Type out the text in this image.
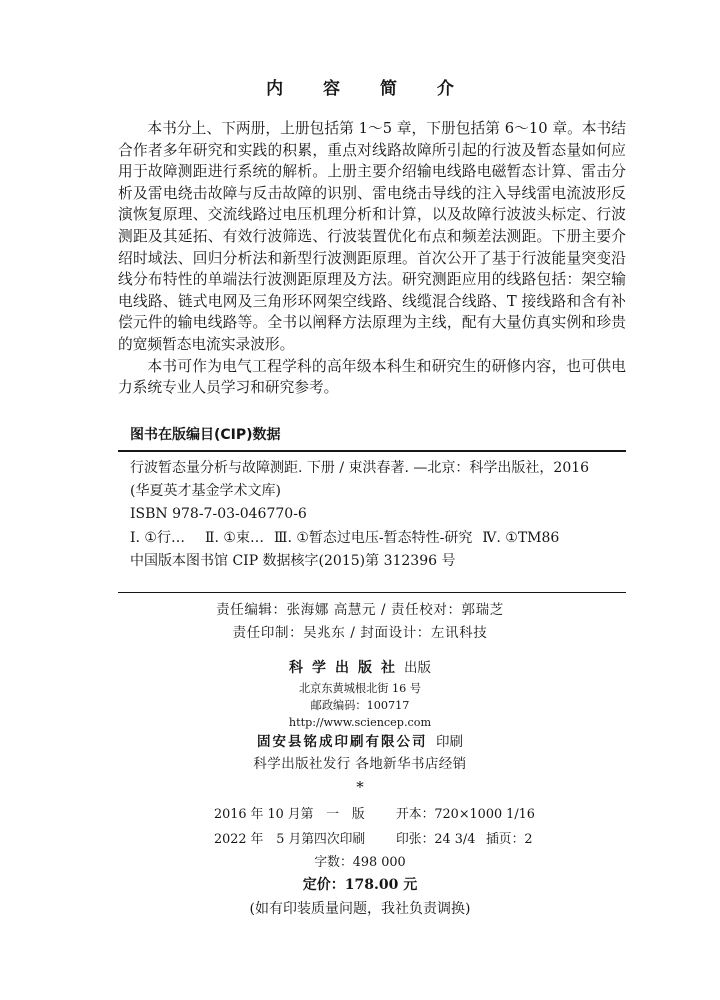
内 容 简 介

本书分上、下两册，上册包括第 1～5 章，下册包括第 6～10 章。本书结合作者多年研究和实践的积累，重点对线路故障所引起的行波及暂态量如何应用于故障测距进行系统的解析。上册主要介绍输电线路电磁暂态计算、雷击分析及雷电绕击故障与反击故障的识别、雷电绕击导线的注入导线雷电流波形反演恢复原理、交流线路过电压机理分析和计算，以及故障行波波头标定、行波测距及其延拓、有效行波筛选、行波装置优化布点和频差法测距。下册主要介绍时域法、回归分析法和新型行波测距原理。首次公开了基于行波能量突变沿线分布特性的单端法行波测距原理及方法。研究测距应用的线路包括：架空输电线路、链式电网及三角形环网架空线路、线缆混合线路、T 接线路和含有补偿元件的输电线路等。全书以阐释方法原理为主线，配有大量仿真实例和珍贵的宽频暂态电流实录波形。

本书可作为电气工程学科的高年级本科生和研究生的研修内容，也可供电力系统专业人员学习和研究参考。

图书在版编目(CIP)数据
行波暂态量分析与故障测距. 下册 / 束洪春著. —北京：科学出版社，2016
(华夏英才基金学术文库)
ISBN 978-7-03-046770-6
Ⅰ. ①行… Ⅱ. ①束… Ⅲ. ①暂态过电压-暂态特性-研究 Ⅳ. ①TM86
中国版本图书馆 CIP 数据核字(2015)第 312396 号
责任编辑：张海娜 高慧元 / 责任校对：郭瑞芝
责任印制：吴兆东 / 封面设计：左讯科技
科学出版社出版
北京东黄城根北街 16 号
邮政编码：100717
http://www.sciencep.com
固安县铭成印刷有限公司 印刷
科学出版社发行 各地新华书店经销
*
2016 年 10 月第　一　版 开本：720×1000 1/16
2022 年　5 月第四次印刷 印张：24 3/4 插页：2
字数：498 000
定价：178.00 元
(如有印装质量问题，我社负责调换)
